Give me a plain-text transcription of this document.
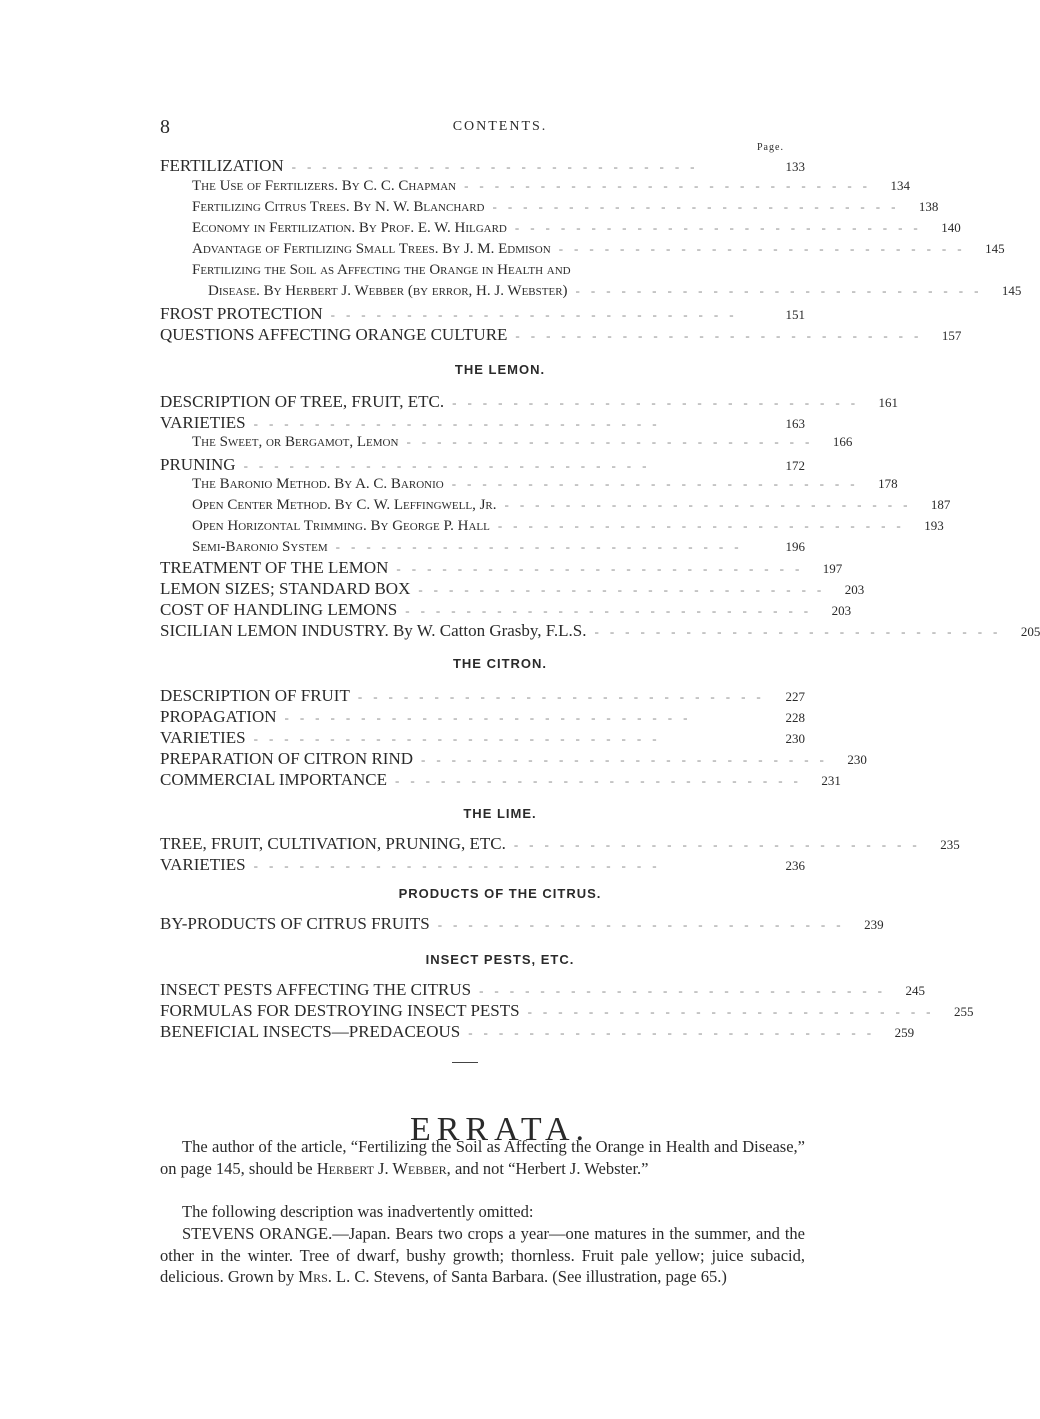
8	CONTENTS.
Page.
FERTILIZATION ---------------------------	133
The Use of Fertilizers. By C. C. Chapman --------------------------- 134
Fertilizing Citrus Trees. By N. W. Blanchard --------------------------- 138
Economy in Fertilization. By Prof. E. W. Hilgard --------------------------- 140
Advantage of Fertilizing Small Trees. By J. M. Edmison --------------------------- 145
Fertilizing the Soil as Affecting the Orange in Health and
Disease. By Herbert J. Webber (by error, H. J. Webster) --------------------------- 145
FROST PROTECTION ---------------------------	151
QUESTIONS AFFECTING ORANGE CULTURE --------------------------- 157
THE LEMON.
DESCRIPTION OF TREE, FRUIT, ETC. --------------------------- 161
VARIETIES ---------------------------	163
The Sweet, or Bergamot, Lemon --------------------------- 166
PRUNING ---------------------------	172
The Baronio Method. By A. C. Baronio --------------------------- 178
Open Center Method. By C. W. Leffingwell, Jr. --------------------------- 187
Open Horizontal Trimming. By George P. Hall --------------------------- 193
Semi-Baronio System ---------------------------	196
TREATMENT OF THE LEMON --------------------------- 197
LEMON SIZES; STANDARD BOX --------------------------- 203
COST OF HANDLING LEMONS --------------------------- 203
SICILIAN LEMON INDUSTRY. By W. Catton Grasby, F.L.S. --------------------------- 205
THE CITRON.
DESCRIPTION OF FRUIT ---------------------------	227
PROPAGATION ---------------------------	228
VARIETIES ---------------------------	230
PREPARATION OF CITRON RIND --------------------------- 230
COMMERCIAL IMPORTANCE --------------------------- 231
THE LIME.
TREE, FRUIT, CULTIVATION, PRUNING, ETC. --------------------------- 235
VARIETIES ---------------------------	236
PRODUCTS OF THE CITRUS.
BY-PRODUCTS OF CITRUS FRUITS --------------------------- 239
INSECT PESTS, ETC.
INSECT PESTS AFFECTING THE CITRUS --------------------------- 245
FORMULAS FOR DESTROYING INSECT PESTS --------------------------- 255
BENEFICIAL INSECTS—PREDACEOUS --------------------------- 259
ERRATA.

The author of the article, “Fertilizing the Soil as Affecting the Orange in Health and Disease,” on page 145, should be Herbert J. Webber, and not “Herbert J. Webster.”

The following description was inadvertently omitted:

STEVENS ORANGE.—Japan. Bears two crops a year—one matures in the summer, and the other in the winter. Tree of dwarf, bushy growth; thornless. Fruit pale yellow; juice subacid, delicious. Grown by Mrs. L. C. Stevens, of Santa Barbara. (See illustration, page 65.)
